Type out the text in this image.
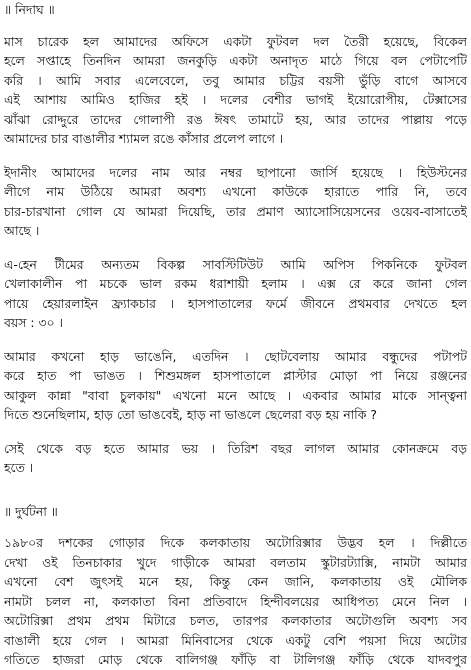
॥ নিদাঘ ॥

মাস চারেক হল আমাদের অফিসে একটা ফুটবল দল তৈরী হয়েছে, বিকেল
হলে সপ্তাহে তিনদিন আমরা জনকুড়ি একটা অনাদৃত মাঠে গিয়ে বল পেটাপেটি
করি । আমি সবার এলেবেলে, তবু আমার চট্টির বয়সী ভুঁড়ি বাগে আসবে
এই আশায় আমিও হাজির হই । দলের বেশীর ভাগই ইয়োরোপীয়, টেক্সাসের
ঝাঁঝা রোদ্দুরে তাদের গোলাপী রঙ ঈষৎ তামাটে হয়, আর তাদের পাল্লায় পড়ে
আমাদের চার বাঙালীর শ্যামল রঙে কাঁসার প্রলেপ লাগে ।

ইদানীং আমাদের দলের নাম আর নম্বর ছাপানো জার্সি হয়েছে । হিউস্টনের
লীগে নাম উঠিয়ে আমরা অবশ্য এখনো কাউকে হারাতে পারি নি, তবে
চার-চারখানা গোল যে আমরা দিয়েছি, তার প্রমাণ অ্যাসোসিয়েসনের ওয়েব-বাসাতেই
আছে ।

এ-হেন টীমের অন্যতম বিকল্প সাবস্টিটিউট আমি অপিস পিকনিকে ফুটবল
খেলাকালীন পা মচকে ভাল রকম ধরাশায়ী হলাম । এক্স রে করে জানা গেল
পায়ে হেয়ারলাইন ফ্র্যাকচার । হাসপাতালের ফর্মে জীবনে প্রথমবার দেখতে হল
বয়স : ৩০ ।

আমার কখনো হাড় ভাঙেনি, এতদিন । ছোটবেলায় আমার বন্ধুদের পটাপট
করে হাত পা ভাঙত । শিশুমঙ্গল হাসপাতালে প্লাস্টার মোড়া পা নিয়ে রঞ্জনের
আকুল কান্না "বাবা চুলকায়" এখনো মনে আছে । একবার আমার মাকে সান্ত্বনা
দিতে শুনেছিলাম, হাড় তো ভাঙবেই, হাড় না ভাঙলে ছেলেরা বড় হয় নাকি ?

সেই থেকে বড় হতে আমার ভয় । তিরিশ বছর লাগল আমার কোনক্রমে বড়
হতে ।

॥ দুর্ঘটনা ॥

১৯৮০র দশকের গোড়ার দিকে কলকাতায় অটোরিক্সার উদ্ভব হল । দিল্লীতে
দেখা ওই তিনচাকার খুদে গাড়ীকে আমরা বলতাম স্কুটারট্যাক্সি, নামটা আমার
এখনো বেশ জুৎসই মনে হয়, কিন্তু কেন জানি, কলকাতায় ওই মৌলিক
নামটা চলল না, কলকাতা বিনা প্রতিবাদে হিন্দীবলয়ের আধিপত্য মেনে নিল ।
অটোরিক্সা প্রথম প্রথম মিটারে চলত, তারপর কলকাতার অটোগুলি অবশ্য সব
বাঙালী হয়ে গেল । আমরা মিনিবাসের থেকে একটু বেশি পয়সা দিয়ে অটোর
গতিতে হাজরা মোড় থেকে বালিগঞ্জ ফাঁড়ি বা টালিগঞ্জ ফাঁড়ি থেকে যাদবপুর
